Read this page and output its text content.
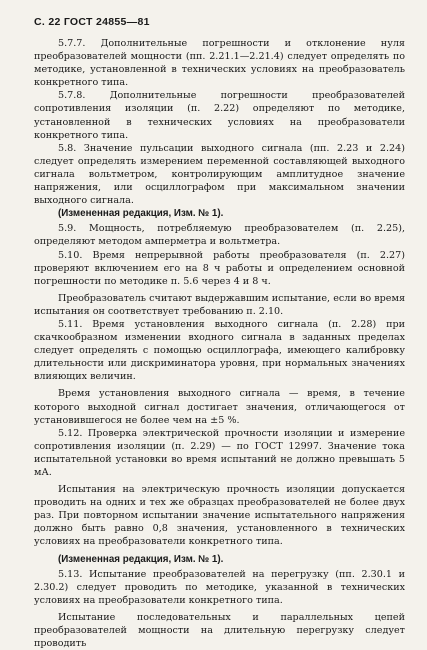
С. 22 ГОСТ 24855—81

5.7.7. Дополнительные погрешности и отклонение нуля преобразователей мощности (пп. 2.21.1—2.21.4) следует определять по методике, установленной в технических условиях на преобразователь конкретного типа.

5.7.8. Дополнительные погрешности преобразователей сопротивления изоляции (п. 2.22) определяют по методике, установленной в технических условиях на преобразователи конкретного типа.

5.8. Значение пульсации выходного сигнала (пп. 2.23 и 2.24) следует определять измерением переменной составляющей выходного сигнала вольтметром, контролирующим амплитудное значение напряжения, или осциллографом при максимальном значении выходного сигнала.

(Измененная редакция, Изм. № 1).

5.9. Мощность, потребляемую преобразователем (п. 2.25), определяют методом амперметра и вольтметра.

5.10. Время непрерывной работы преобразователя (п. 2.27) проверяют включением его на 8 ч работы и определением основной погрешности по методике п. 5.6 через 4 и 8 ч.

Преобразователь считают выдержавшим испытание, если во время испытания он соответствует требованию п. 2.10.

5.11. Время установления выходного сигнала (п. 2.28) при скачкообразном изменении входного сигнала в заданных пределах следует определять с помощью осциллографа, имеющего калибровку длительности или дискриминатора уровня, при нормальных значениях влияющих величин.

Время установления выходного сигнала — время, в течение которого выходной сигнал достигает значения, отличающегося от установившегося не более чем на ±5 %.

5.12. Проверка электрической прочности изоляции и измерение сопротивления изоляции (п. 2.29) — по ГОСТ 12997. Значение тока испытательной установки во время испытаний не должно превышать 5 мА.

Испытания на электрическую прочность изоляции допускается проводить на одних и тех же образцах преобразователей не более двух раз. При повторном испытании значение испытательного напряжения должно быть равно 0,8 значения, установленного в технических условиях на преобразователи конкретного типа.

(Измененная редакция, Изм. № 1).

5.13. Испытание преобразователей на перегрузку (пп. 2.30.1 и 2.30.2) следует проводить по методике, указанной в технических условиях на преобразователи конкретного типа.

Испытание последовательных и параллельных цепей преобразователей мощности на длительную перегрузку следует проводить
